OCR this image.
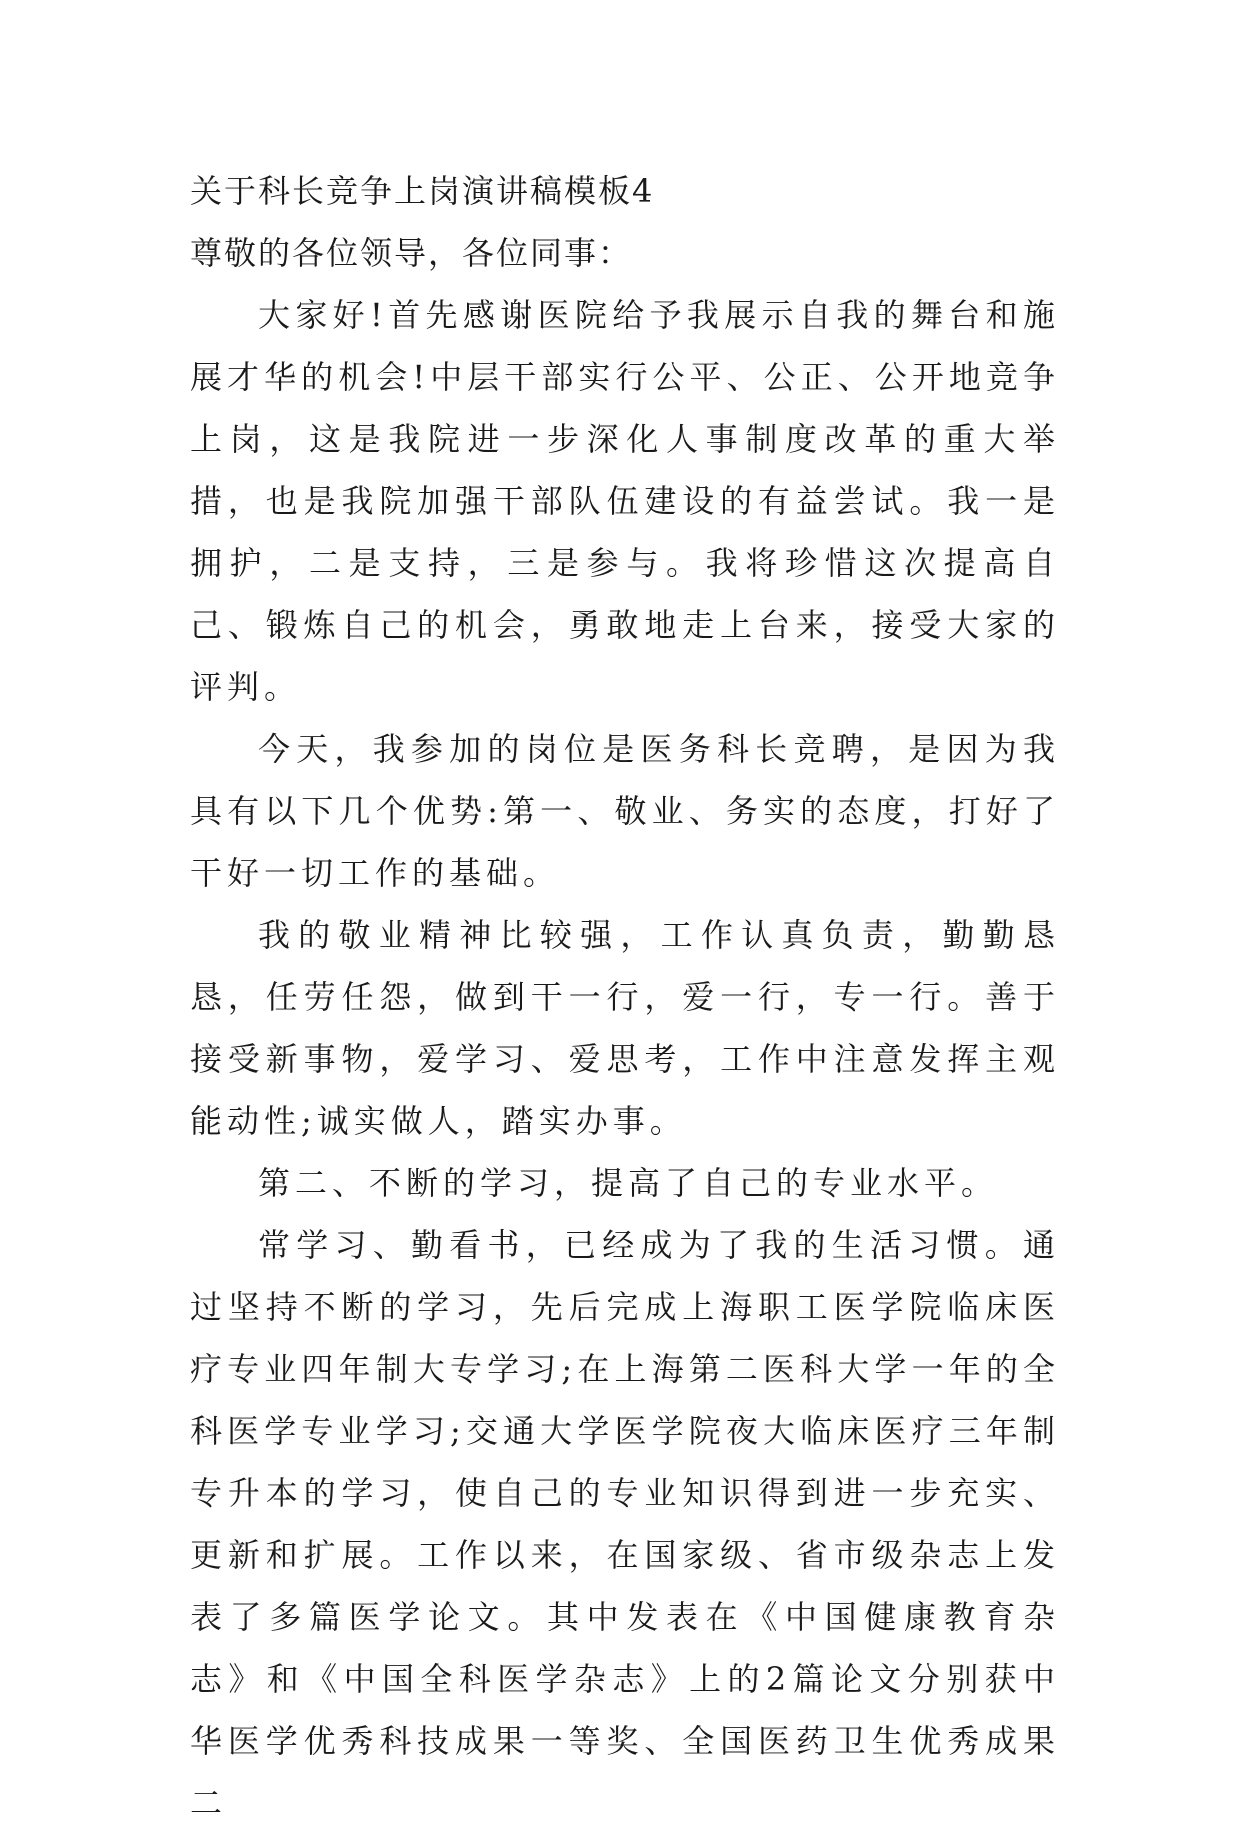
关于科长竞争上岗演讲稿模板4

尊敬的各位领导，各位同事：

大家好!首先感谢医院给予我展示自我的舞台和施展才华的机会!中层干部实行公平、公正、公开地竞争上岗，这是我院进一步深化人事制度改革的重大举措，也是我院加强干部队伍建设的有益尝试。我一是拥护，二是支持，三是参与。我将珍惜这次提高自己、锻炼自己的机会，勇敢地走上台来，接受大家的评判。

今天，我参加的岗位是医务科长竞聘，是因为我具有以下几个优势:第一、敬业、务实的态度，打好了干好一切工作的基础。

我的敬业精神比较强，工作认真负责，勤勤恳恳，任劳任怨，做到干一行，爱一行，专一行。善于接受新事物，爱学习、爱思考，工作中注意发挥主观能动性;诚实做人，踏实办事。

第二、不断的学习，提高了自己的专业水平。

常学习、勤看书，已经成为了我的生活习惯。通过坚持不断的学习，先后完成上海职工医学院临床医疗专业四年制大专学习;在上海第二医科大学一年的全科医学专业学习;交通大学医学院夜大临床医疗三年制专升本的学习，使自己的专业知识得到进一步充实、更新和扩展。工作以来，在国家级、省市级杂志上发表了多篇医学论文。其中发表在《中国健康教育杂志》和《中国全科医学杂志》上的2篇论文分别获中华医学优秀科技成果一等奖、全国医药卫生优秀成果二
